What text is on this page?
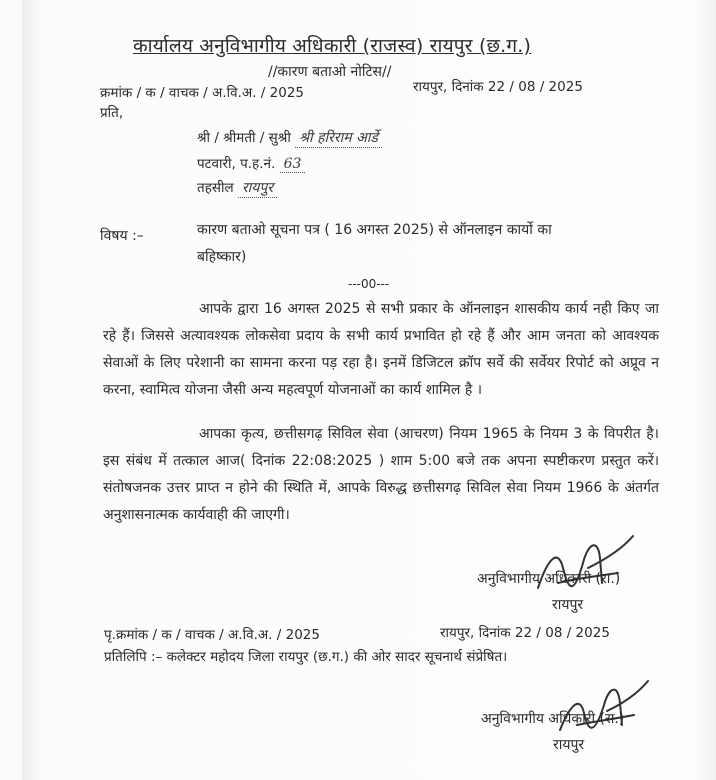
कार्यालय अनुविभागीय अधिकारी (राजस्व) रायपुर (छ.ग.)
//कारण बताओ नोटिस//
क्रमांक / क / वाचक / अ.वि.अ. / 2025	रायपुर, दिनांक 22 / 08 / 2025
प्रति,
श्री / श्रीमती / सुश्री श्री हरिराम आर्डे
पटवारी, प.ह.नं. 63
तहसील रायपुर
विषय :–	कारण बताओ सूचना पत्र ( 16 अगस्त 2025) से ऑनलाइन कार्यो का
बहिष्कार)
---00---
आपके द्वारा 16 अगस्त 2025 से सभी प्रकार के ऑनलाइन शासकीय कार्य नही किए जा रहे हैं। जिससे अत्यावश्यक लोकसेवा प्रदाय के सभी कार्य प्रभावित हो रहे हैं और आम जनता को आवश्यक सेवाओं के लिए परेशानी का सामना करना पड़ रहा है। इनमें डिजिटल क्रॉप सर्वे की सर्वेयर रिपोर्ट को अप्रूव न करना, स्वामित्व योजना जैसी अन्य महत्वपूर्ण योजनाओं का कार्य शामिल है ।
आपका कृत्य, छत्तीसगढ़ सिविल सेवा (आचरण) नियम 1965 के नियम 3 के विपरीत है। इस संबंध में तत्काल आज( दिनांक 22:08:2025 ) शाम 5:00 बजे तक अपना स्पष्टीकरण प्रस्तुत करें। संतोषजनक उत्तर प्राप्त न होने की स्थिति में, आपके विरुद्ध छत्तीसगढ़ सिविल सेवा नियम 1966 के अंतर्गत अनुशासनात्मक कार्यवाही की जाएगी।
अनुविभागीय अधिकारी (रा.)
रायपुर
पृ.क्रमांक / क / वाचक / अ.वि.अ. / 2025	रायपुर, दिनांक 22 / 08 / 2025
प्रतिलिपि :– कलेक्टर महोदय जिला रायपुर (छ.ग.) की ओर सादर सूचनार्थ संप्रेषित।
अनुविभागीय अधिकारी (रा.)
रायपुर
